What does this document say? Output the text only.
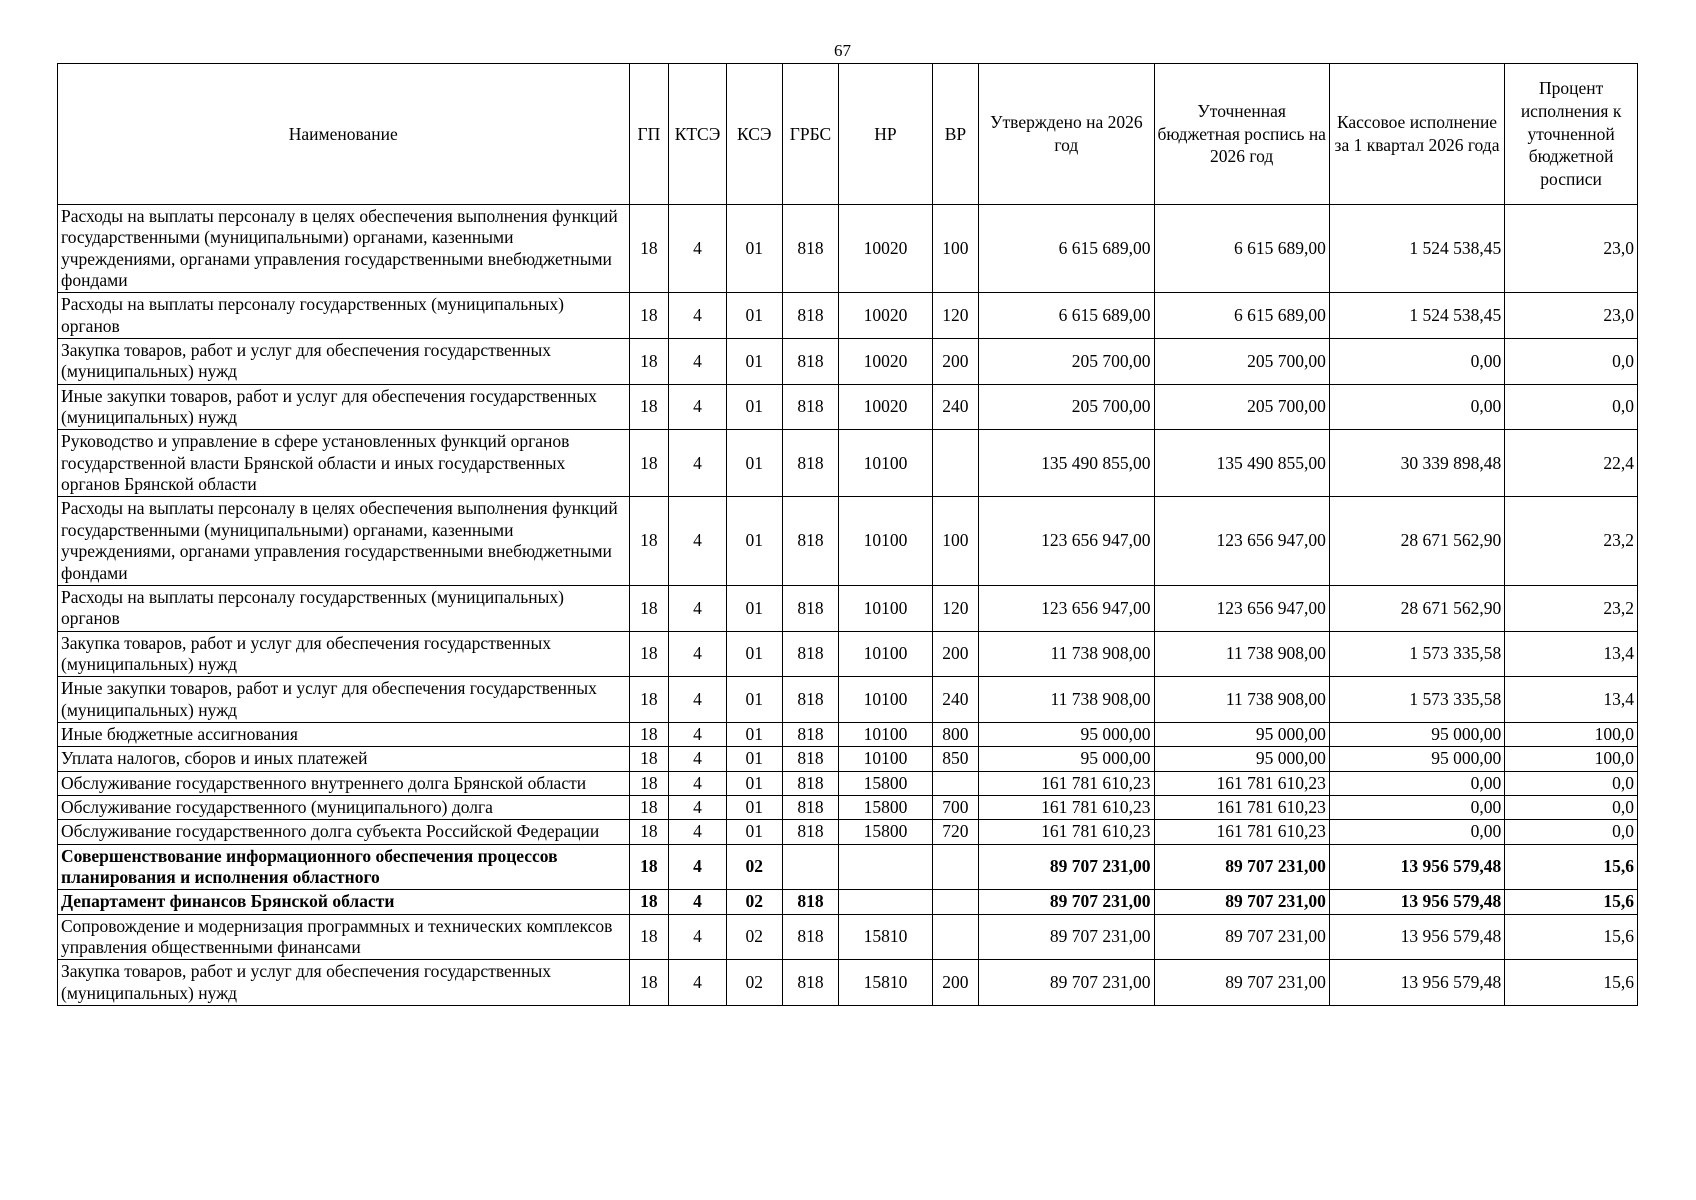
67
Наименование	ГП	КТСЭ	КСЭ	ГРБС	НР	ВР	Утверждено на 2026 год	Уточненная бюджетная роспись на 2026 год	Кассовое исполнение за 1 квартал 2026 года	Процент исполнения к уточненной бюджетной росписи
Расходы на выплаты персоналу в целях обеспечения выполнения функций государственными (муниципальными) органами, казенными учреждениями, органами управления государственными внебюджетными фондами	18	4	01	818	10020	100	6 615 689,00	6 615 689,00	1 524 538,45	23,0
Расходы на выплаты персоналу государственных (муниципальных) органов	18	4	01	818	10020	120	6 615 689,00	6 615 689,00	1 524 538,45	23,0
Закупка товаров, работ и услуг для обеспечения государственных (муниципальных) нужд	18	4	01	818	10020	200	205 700,00	205 700,00	0,00	0,0
Иные закупки товаров, работ и услуг для обеспечения государственных (муниципальных) нужд	18	4	01	818	10020	240	205 700,00	205 700,00	0,00	0,0
Руководство и управление в сфере установленных функций органов государственной власти Брянской области и иных государственных органов Брянской области	18	4	01	818	10100		135 490 855,00	135 490 855,00	30 339 898,48	22,4
Расходы на выплаты персоналу в целях обеспечения выполнения функций государственными (муниципальными) органами, казенными учреждениями, органами управления государственными внебюджетными фондами	18	4	01	818	10100	100	123 656 947,00	123 656 947,00	28 671 562,90	23,2
Расходы на выплаты персоналу государственных (муниципальных) органов	18	4	01	818	10100	120	123 656 947,00	123 656 947,00	28 671 562,90	23,2
Закупка товаров, работ и услуг для обеспечения государственных (муниципальных) нужд	18	4	01	818	10100	200	11 738 908,00	11 738 908,00	1 573 335,58	13,4
Иные закупки товаров, работ и услуг для обеспечения государственных (муниципальных) нужд	18	4	01	818	10100	240	11 738 908,00	11 738 908,00	1 573 335,58	13,4
Иные бюджетные ассигнования	18	4	01	818	10100	800	95 000,00	95 000,00	95 000,00	100,0
Уплата налогов, сборов и иных платежей	18	4	01	818	10100	850	95 000,00	95 000,00	95 000,00	100,0
Обслуживание государственного внутреннего долга Брянской области	18	4	01	818	15800		161 781 610,23	161 781 610,23	0,00	0,0
Обслуживание государственного (муниципального) долга	18	4	01	818	15800	700	161 781 610,23	161 781 610,23	0,00	0,0
Обслуживание государственного долга субъекта Российской Федерации	18	4	01	818	15800	720	161 781 610,23	161 781 610,23	0,00	0,0
Совершенствование информационного обеспечения процессов планирования и исполнения областного	18	4	02				89 707 231,00	89 707 231,00	13 956 579,48	15,6
Департамент финансов Брянской области	18	4	02	818			89 707 231,00	89 707 231,00	13 956 579,48	15,6
Сопровождение и модернизация программных и технических комплексов управления общественными финансами	18	4	02	818	15810		89 707 231,00	89 707 231,00	13 956 579,48	15,6
Закупка товаров, работ и услуг для обеспечения государственных (муниципальных) нужд	18	4	02	818	15810	200	89 707 231,00	89 707 231,00	13 956 579,48	15,6
